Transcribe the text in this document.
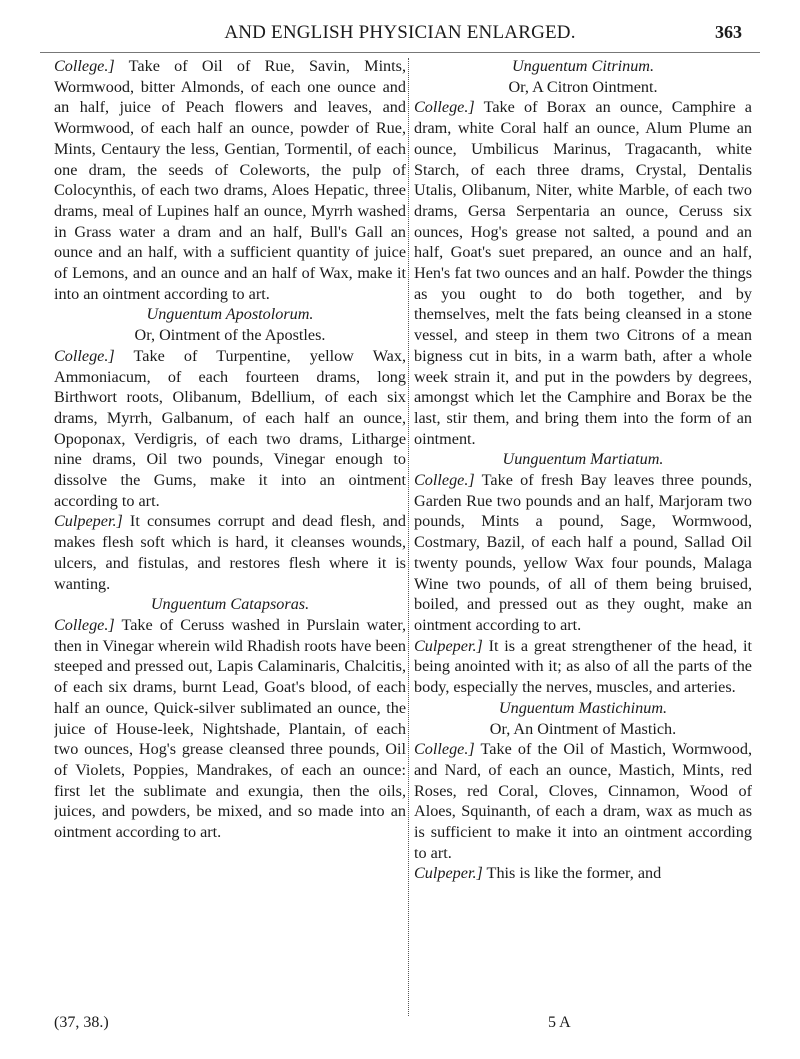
AND ENGLISH PHYSICIAN ENLARGED.	363

College.] Take of Oil of Rue, Savin, Mints, Wormwood, bitter Almonds, of each one ounce and an half, juice of Peach flowers and leaves, and Wormwood, of each half an ounce, powder of Rue, Mints, Centaury the less, Gentian, Tormentil, of each one dram, the seeds of Coleworts, the pulp of Colocynthis, of each two drams, Aloes Hepatic, three drams, meal of Lupines half an ounce, Myrrh washed in Grass water a dram and an half, Bull's Gall an ounce and an half, with a sufficient quantity of juice of Lemons, and an ounce and an half of Wax, make it into an ointment according to art.

Unguentum Apostolorum.

Or, Ointment of the Apostles.

College.] Take of Turpentine, yellow Wax, Ammoniacum, of each fourteen drams, long Birthwort roots, Olibanum, Bdellium, of each six drams, Myrrh, Galbanum, of each half an ounce, Opoponax, Verdigris, of each two drams, Litharge nine drams, Oil two pounds, Vinegar enough to dissolve the Gums, make it into an ointment according to art.

Culpeper.] It consumes corrupt and dead flesh, and makes flesh soft which is hard, it cleanses wounds, ulcers, and fistulas, and restores flesh where it is wanting.

Unguentum Catapsoras.

College.] Take of Ceruss washed in Purslain water, then in Vinegar wherein wild Rhadish roots have been steeped and pressed out, Lapis Calaminaris, Chalcitis, of each six drams, burnt Lead, Goat's blood, of each half an ounce, Quick-silver sublimated an ounce, the juice of House-leek, Nightshade, Plantain, of each two ounces, Hog's grease cleansed three pounds, Oil of Violets, Poppies, Mandrakes, of each an ounce: first let the sublimate and exungia, then the oils, juices, and powders, be mixed, and so made into an ointment according to art.

Unguentum Citrinum.

Or, A Citron Ointment.

College.] Take of Borax an ounce, Camphire a dram, white Coral half an ounce, Alum Plume an ounce, Umbilicus Marinus, Tragacanth, white Starch, of each three drams, Crystal, Dentalis Utalis, Olibanum, Niter, white Marble, of each two drams, Gersa Serpentaria an ounce, Ceruss six ounces, Hog's grease not salted, a pound and an half, Goat's suet prepared, an ounce and an half, Hen's fat two ounces and an half. Powder the things as you ought to do both together, and by themselves, melt the fats being cleansed in a stone vessel, and steep in them two Citrons of a mean bigness cut in bits, in a warm bath, after a whole week strain it, and put in the powders by degrees, amongst which let the Camphire and Borax be the last, stir them, and bring them into the form of an ointment.

Uunguentum Martiatum.

College.] Take of fresh Bay leaves three pounds, Garden Rue two pounds and an half, Marjoram two pounds, Mints a pound, Sage, Wormwood, Costmary, Bazil, of each half a pound, Sallad Oil twenty pounds, yellow Wax four pounds, Malaga Wine two pounds, of all of them being bruised, boiled, and pressed out as they ought, make an ointment according to art.

Culpeper.] It is a great strengthener of the head, it being anointed with it; as also of all the parts of the body, especially the nerves, muscles, and arteries.

Unguentum Mastichinum.

Or, An Ointment of Mastich.

College.] Take of the Oil of Mastich, Wormwood, and Nard, of each an ounce, Mastich, Mints, red Roses, red Coral, Cloves, Cinnamon, Wood of Aloes, Squinanth, of each a dram, wax as much as is sufficient to make it into an ointment according to art.

Culpeper.] This is like the former, and

(37, 38.)	5 A
